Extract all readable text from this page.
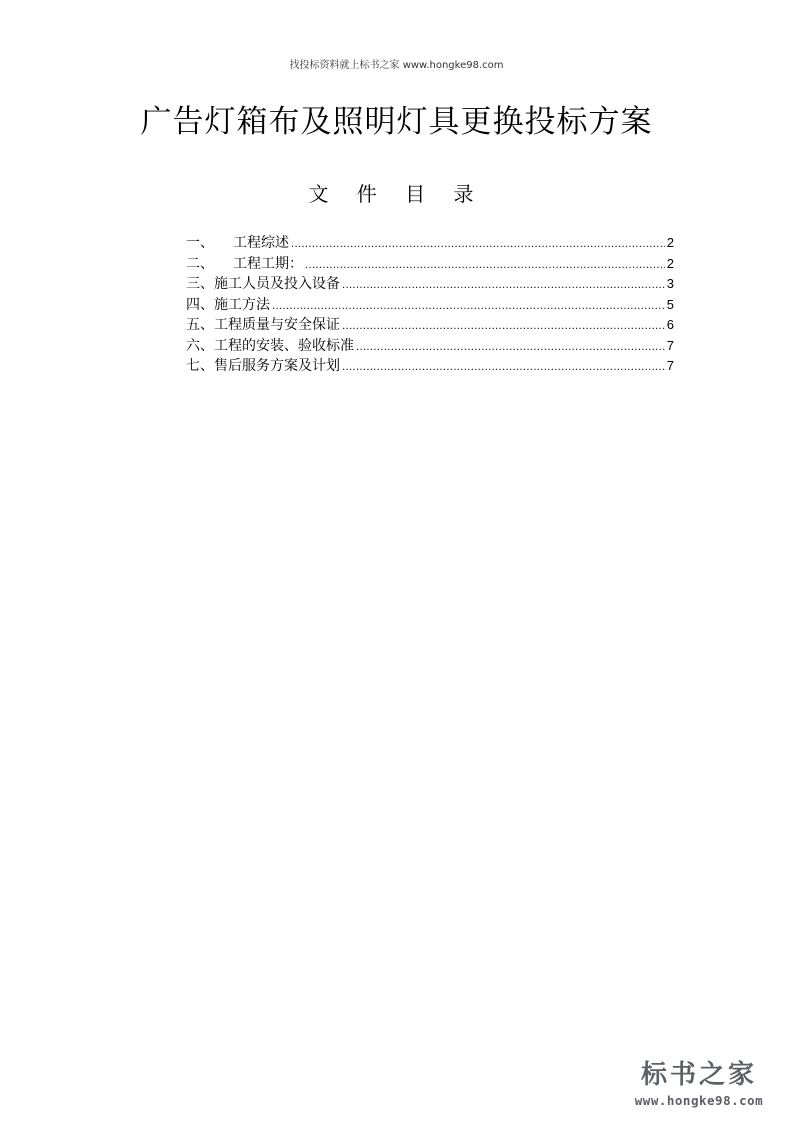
找投标资料就上标书之家 www.hongke98.com
广告灯箱布及照明灯具更换投标方案
文 件 目 录
一、 工程综述 .....	2
二、 工程工期： .....	2
三、施工人员及投入设备 .....	3
四、施工方法 .....	5
五、工程质量与安全保证 .....	6
六、工程的安装、验收标准 .....	7
七、售后服务方案及计划 .....	7
标书之家
www.hongke98.com
